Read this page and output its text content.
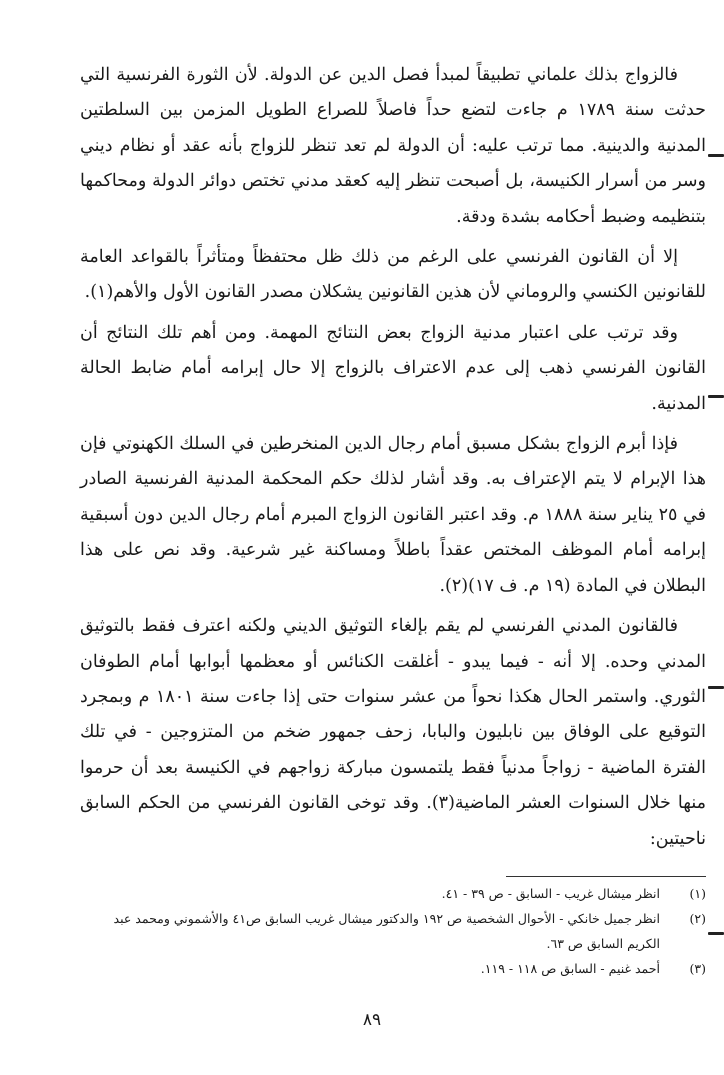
فالزواج بذلك علماني تطبيقاً لمبدأ فصل الدين عن الدولة. لأن الثورة الفرنسية التي حدثت سنة ١٧٨٩ م جاءت لتضع حداً فاصلاً للصراع الطويل المزمن بين السلطتين المدنية والدينية. مما ترتب عليه: أن الدولة لم تعد تنظر للزواج بأنه عقد أو نظام ديني وسر من أسرار الكنيسة، بل أصبحت تنظر إليه كعقد مدني تختص دوائر الدولة ومحاكمها بتنظيمه وضبط أحكامه بشدة ودقة.

إلا أن القانون الفرنسي على الرغم من ذلك ظل محتفظاً ومتأثراً بالقواعد العامة للقانونين الكنسي والروماني لأن هذين القانونين يشكلان مصدر القانون الأول والأهم(١).

وقد ترتب على اعتبار مدنية الزواج بعض النتائج المهمة. ومن أهم تلك النتائج أن القانون الفرنسي ذهب إلى عدم الاعتراف بالزواج إلا حال إبرامه أمام ضابط الحالة المدنية.

فإذا أبرم الزواج بشكل مسبق أمام رجال الدين المنخرطين في السلك الكهنوتي فإن هذا الإبرام لا يتم الإعتراف به. وقد أشار لذلك حكم المحكمة المدنية الفرنسية الصادر في ٢٥ يناير سنة ١٨٨٨ م. وقد اعتبر القانون الزواج المبرم أمام رجال الدين دون أسبقية إبرامه أمام الموظف المختص عقداً باطلاً ومساكنة غير شرعية. وقد نص على هذا البطلان في المادة (١٩ م. ف ١٧)(٢).

فالقانون المدني الفرنسي لم يقم بإلغاء التوثيق الديني ولكنه اعترف فقط بالتوثيق المدني وحده. إلا أنه - فيما يبدو - أغلقت الكنائس أو معظمها أبوابها أمام الطوفان الثوري. واستمر الحال هكذا نحواً من عشر سنوات حتى إذا جاءت سنة ١٨٠١ م وبمجرد التوقيع على الوفاق بين نابليون والبابا، زحف جمهور ضخم من المتزوجين - في تلك الفترة الماضية - زواجاً مدنياً فقط يلتمسون مباركة زواجهم في الكنيسة بعد أن حرموا منها خلال السنوات العشر الماضية(٣). وقد توخى القانون الفرنسي من الحكم السابق ناحيتين:

(١)
انظر ميشال غريب - السابق - ص ٣٩ - ٤١.
(٢)
انظر جميل خانكي - الأحوال الشخصية ص ١٩٢ والدكتور ميشال غريب السابق ص٤١ والأشموني ومحمد عبد الكريم السابق ص ٦٣.
(٣)
أحمد غنيم - السابق ص ١١٨ - ١١٩.
٨٩
